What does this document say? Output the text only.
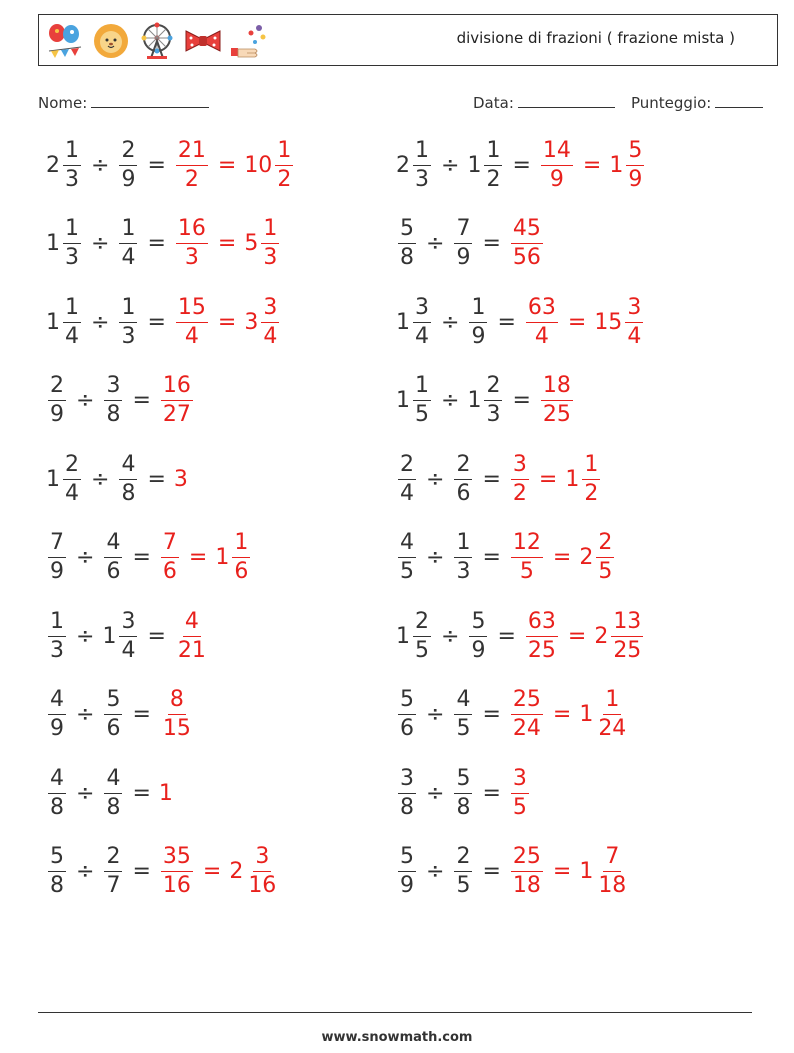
divisione di frazioni ( frazione mista )
Nome:	Data:	Punteggio:
$2 \frac{1}{3} \div \frac{2}{9} = \frac{21}{2} = 10 \frac{1}{2}$	$2 \frac{1}{3} \div 1 \frac{1}{2} = \frac{14}{9} = 1 \frac{5}{9}$
$1 \frac{1}{3} \div \frac{1}{4} = \frac{16}{3} = 5 \frac{1}{3}$	$\frac{5}{8} \div \frac{7}{9} = \frac{45}{56}$
$1 \frac{1}{4} \div \frac{1}{3} = \frac{15}{4} = 3 \frac{3}{4}$	$1 \frac{3}{4} \div \frac{1}{9} = \frac{63}{4} = 15 \frac{3}{4}$
$\frac{2}{9} \div \frac{3}{8} = \frac{16}{27}$	$1 \frac{1}{5} \div 1 \frac{2}{3} = \frac{18}{25}$
$1 \frac{2}{4} \div \frac{4}{8} = 3$	$\frac{2}{4} \div \frac{2}{6} = \frac{3}{2} = 1 \frac{1}{2}$
$\frac{7}{9} \div \frac{4}{6} = \frac{7}{6} = 1 \frac{1}{6}$	$\frac{4}{5} \div \frac{1}{3} = \frac{12}{5} = 2 \frac{2}{5}$
$\frac{1}{3} \div 1 \frac{3}{4} = \frac{4}{21}$	$1 \frac{2}{5} \div \frac{5}{9} = \frac{63}{25} = 2 \frac{13}{25}$
$\frac{4}{9} \div \frac{5}{6} = \frac{8}{15}$	$\frac{5}{6} \div \frac{4}{5} = \frac{25}{24} = 1 \frac{1}{24}$
$\frac{4}{8} \div \frac{4}{8} = 1$	$\frac{3}{8} \div \frac{5}{8} = \frac{3}{5}$
$\frac{5}{8} \div \frac{2}{7} = \frac{35}{16} = 2 \frac{3}{16}$	$\frac{5}{9} \div \frac{2}{5} = \frac{25}{18} = 1 \frac{7}{18}$
www.snowmath.com
